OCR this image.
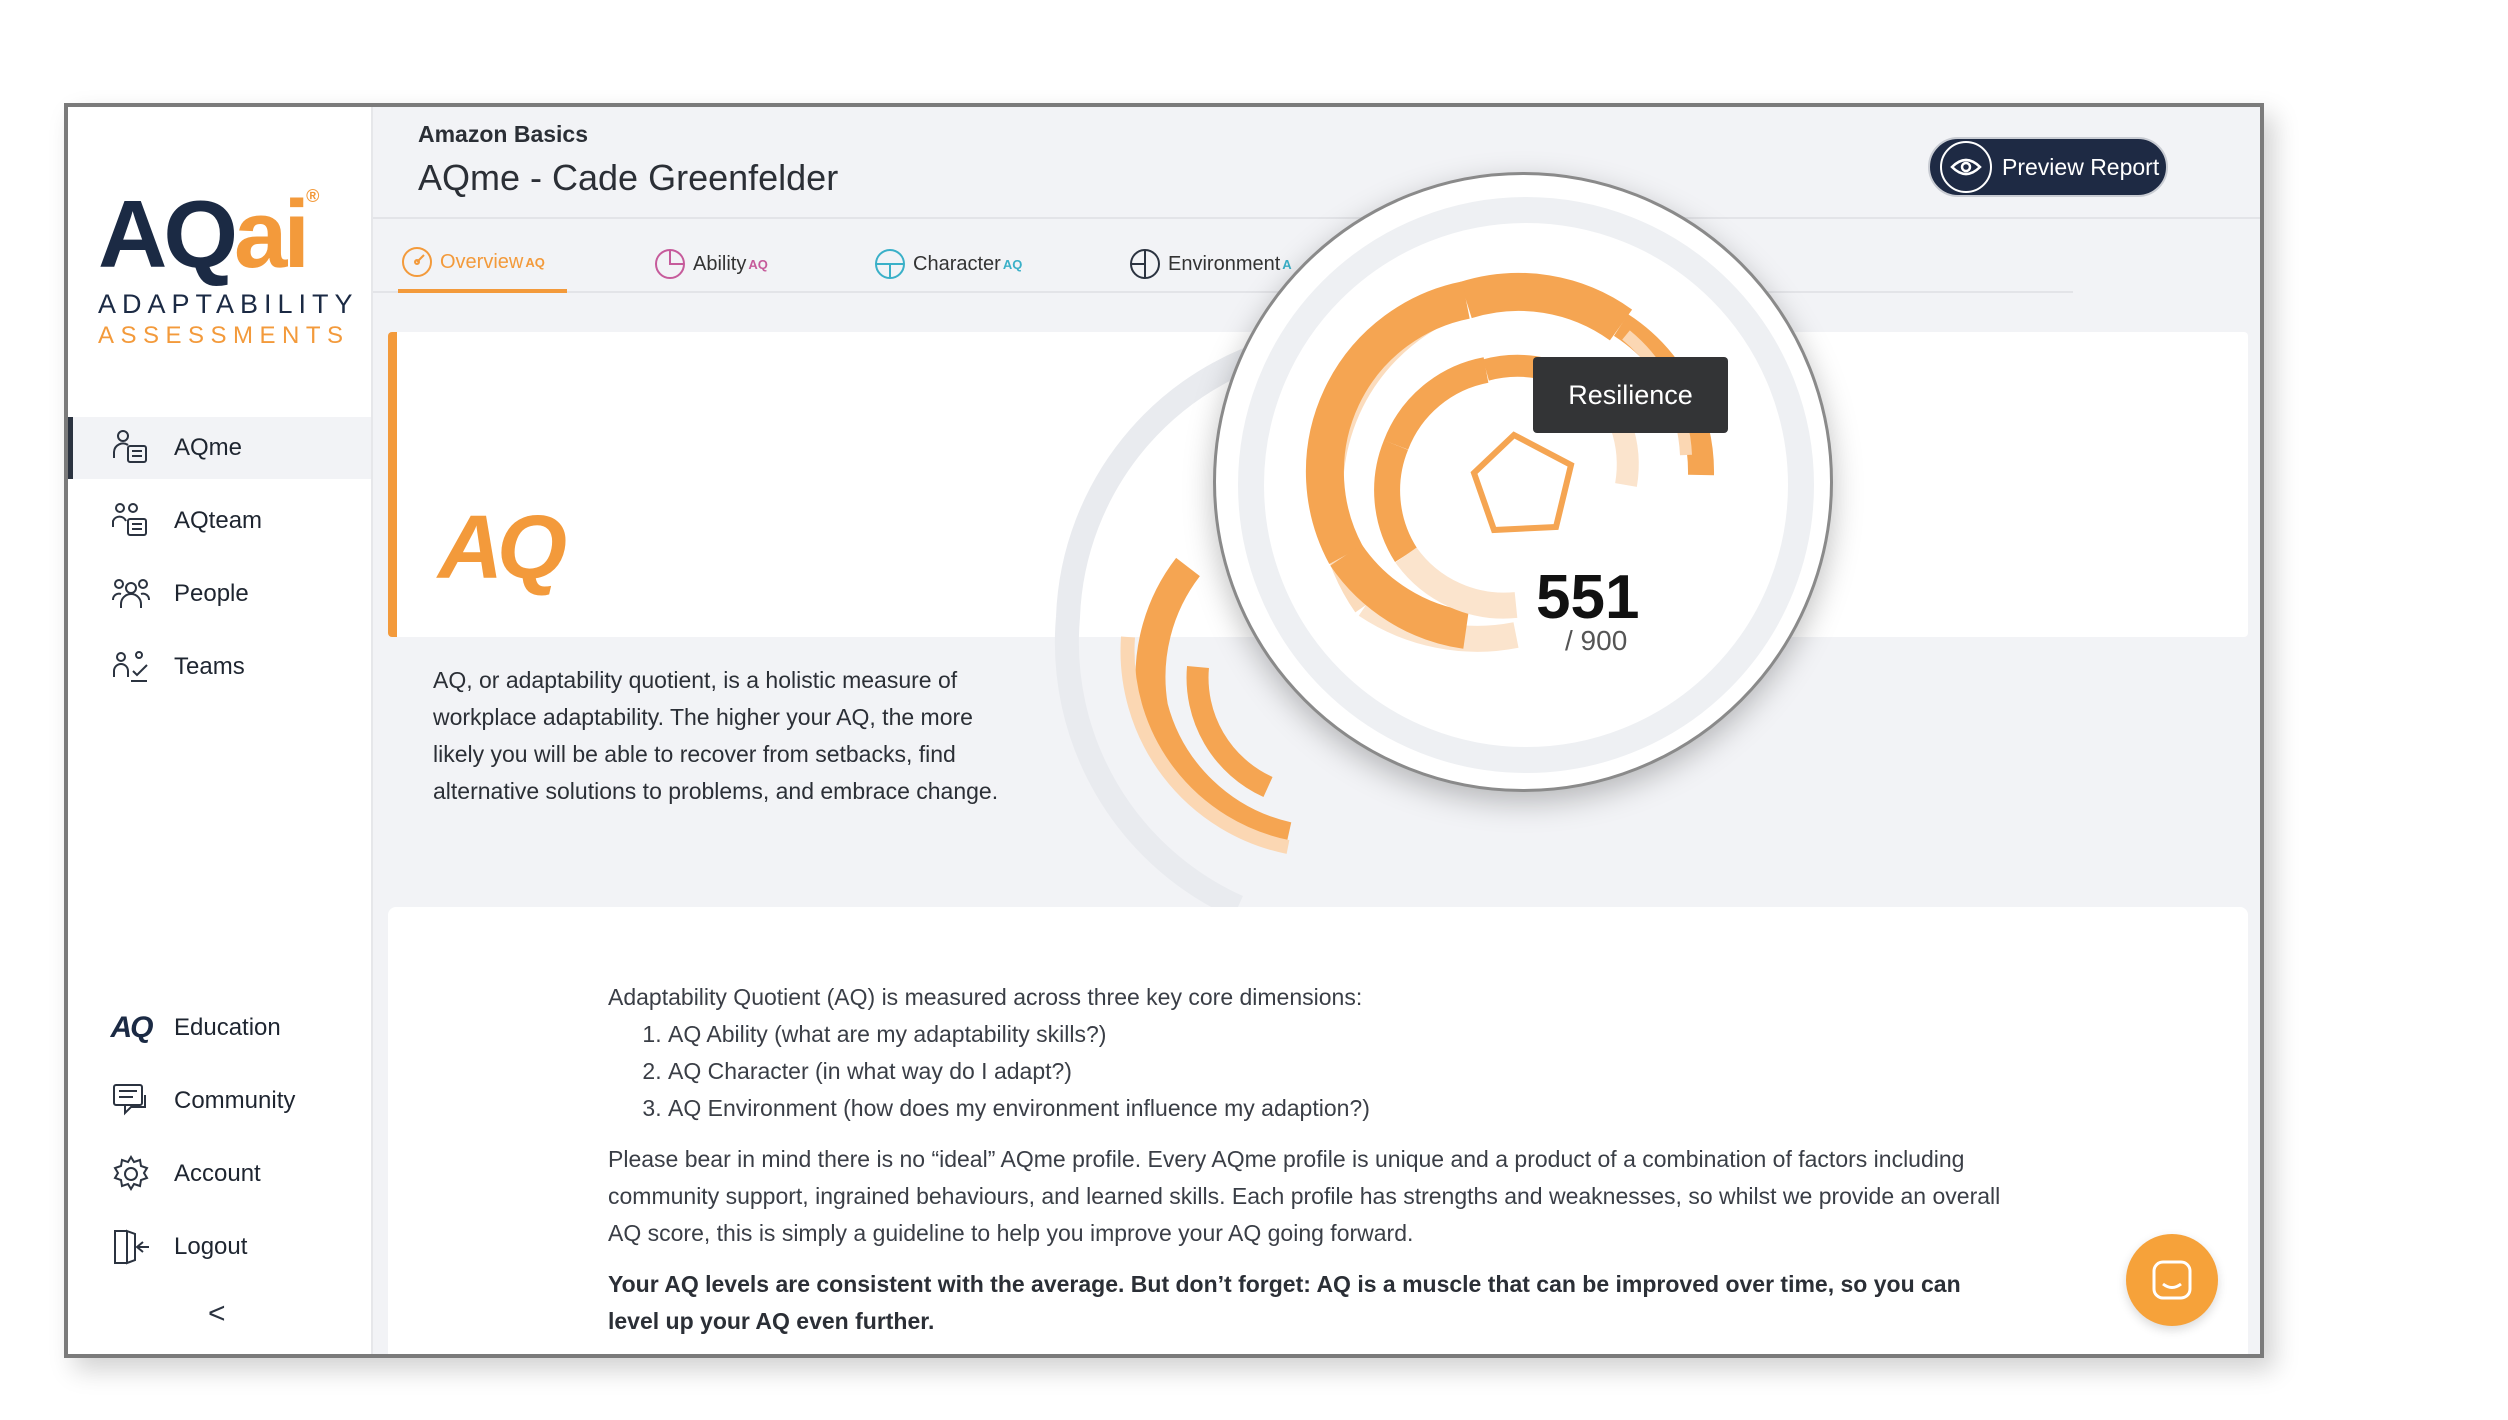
AQai®
ADAPTABILITY
ASSESSMENTS
AQme
AQteam
People
Teams
AQ Education
Community
Account
Logout
<
Amazon Basics
AQme - Cade Greenfelder	Preview Report
Overview AQ	Ability AQ	Character AQ	Environment A
AQ
AQ, or adaptability quotient, is a holistic measure of workplace adaptability. The higher your AQ, the more likely you will be able to recover from setbacks, find alternative solutions to problems, and embrace change.
Resilience
551
/ 900

Adaptability Quotient (AQ) is measured across three key core dimensions:

1. AQ Ability (what are my adaptability skills?)
2. AQ Character (in what way do I adapt?)
3. AQ Environment (how does my environment influence my adaption?)

Please bear in mind there is no “ideal” AQme profile. Every AQme profile is unique and a product of a combination of factors including community support, ingrained behaviours, and learned skills. Each profile has strengths and weaknesses, so whilst we provide an overall AQ score, this is simply a guideline to help you improve your AQ going forward.

Your AQ levels are consistent with the average. But don’t forget: AQ is a muscle that can be improved over time, so you can level up your AQ even further.
